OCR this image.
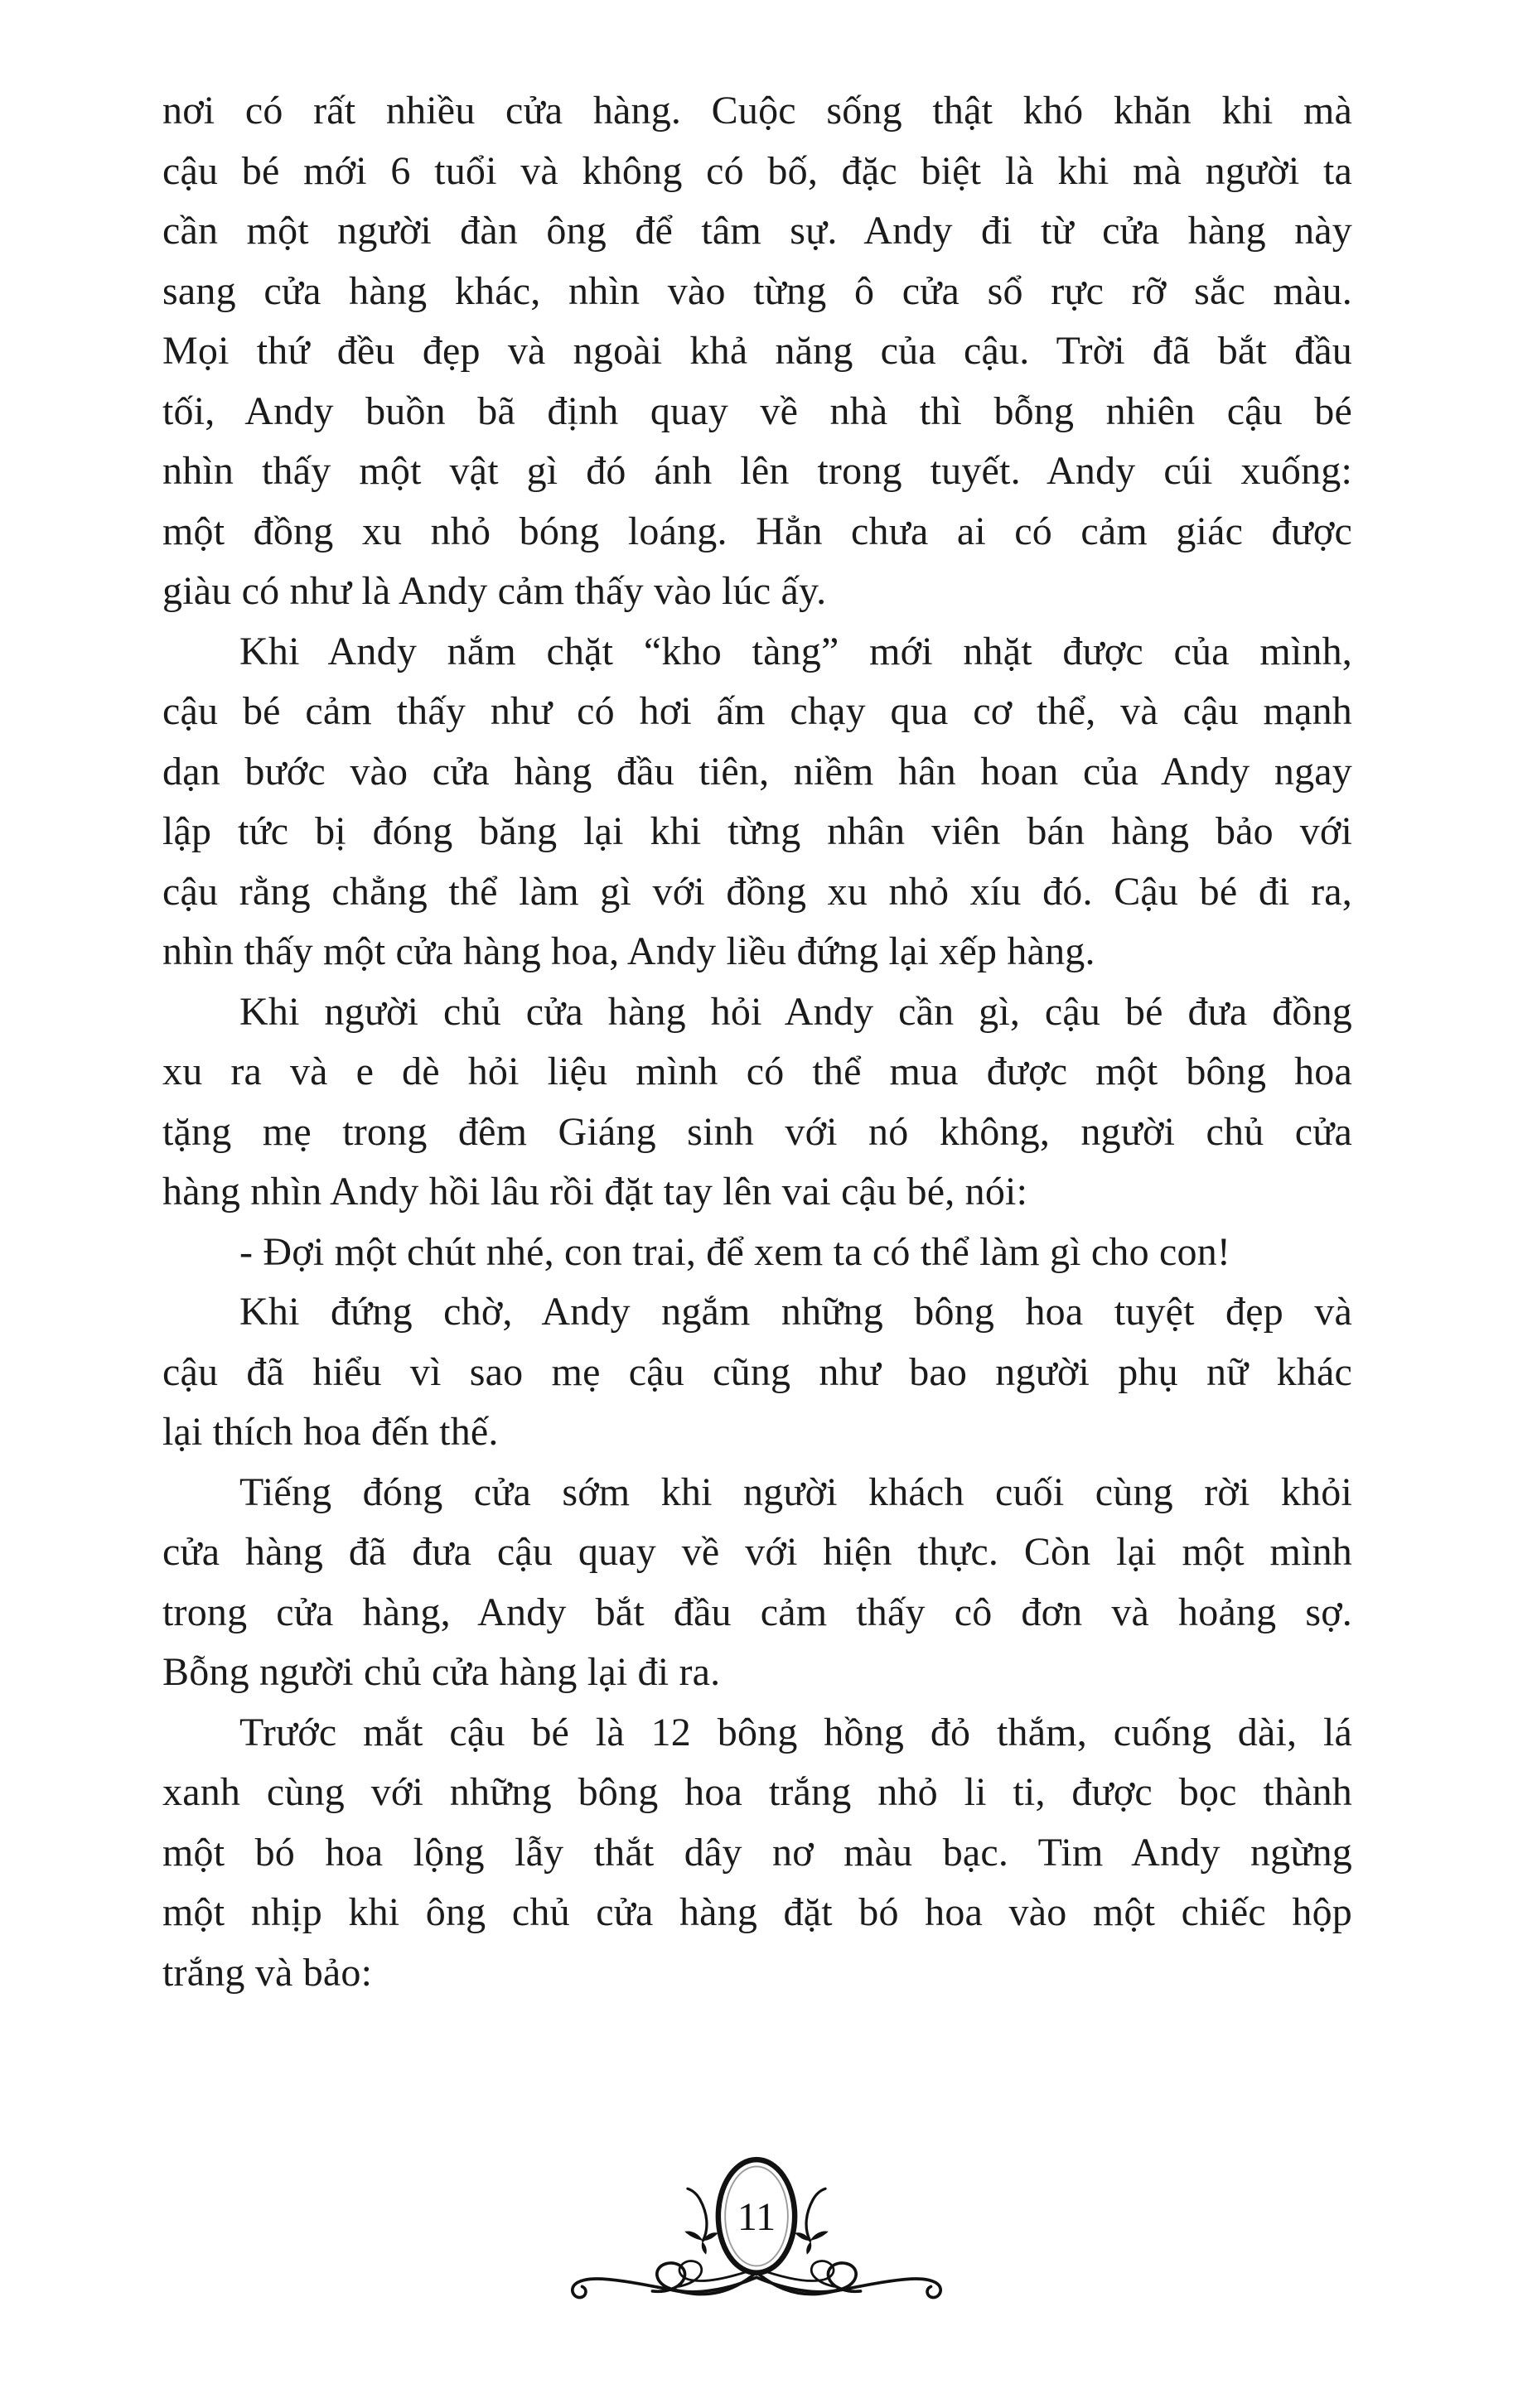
nơi có rất nhiều cửa hàng. Cuộc sống thật khó khăn khi mà
cậu bé mới 6 tuổi và không có bố, đặc biệt là khi mà người ta
cần một người đàn ông để tâm sự. Andy đi từ cửa hàng này
sang cửa hàng khác, nhìn vào từng ô cửa sổ rực rỡ sắc màu.
Mọi thứ đều đẹp và ngoài khả năng của cậu. Trời đã bắt đầu
tối, Andy buồn bã định quay về nhà thì bỗng nhiên cậu bé
nhìn thấy một vật gì đó ánh lên trong tuyết. Andy cúi xuống:
một đồng xu nhỏ bóng loáng. Hẳn chưa ai có cảm giác được
giàu có như là Andy cảm thấy vào lúc ấy.
Khi Andy nắm chặt “kho tàng” mới nhặt được của mình,
cậu bé cảm thấy như có hơi ấm chạy qua cơ thể, và cậu mạnh
dạn bước vào cửa hàng đầu tiên, niềm hân hoan của Andy ngay
lập tức bị đóng băng lại khi từng nhân viên bán hàng bảo với
cậu rằng chẳng thể làm gì với đồng xu nhỏ xíu đó. Cậu bé đi ra,
nhìn thấy một cửa hàng hoa, Andy liều đứng lại xếp hàng.
Khi người chủ cửa hàng hỏi Andy cần gì, cậu bé đưa đồng
xu ra và e dè hỏi liệu mình có thể mua được một bông hoa
tặng mẹ trong đêm Giáng sinh với nó không, người chủ cửa
hàng nhìn Andy hồi lâu rồi đặt tay lên vai cậu bé, nói:
- Đợi một chút nhé, con trai, để xem ta có thể làm gì cho con!
Khi đứng chờ, Andy ngắm những bông hoa tuyệt đẹp và
cậu đã hiểu vì sao mẹ cậu cũng như bao người phụ nữ khác
lại thích hoa đến thế.
Tiếng đóng cửa sớm khi người khách cuối cùng rời khỏi
cửa hàng đã đưa cậu quay về với hiện thực. Còn lại một mình
trong cửa hàng, Andy bắt đầu cảm thấy cô đơn và hoảng sợ.
Bỗng người chủ cửa hàng lại đi ra.
Trước mắt cậu bé là 12 bông hồng đỏ thắm, cuống dài, lá
xanh cùng với những bông hoa trắng nhỏ li ti, được bọc thành
một bó hoa lộng lẫy thắt dây nơ màu bạc. Tim Andy ngừng
một nhịp khi ông chủ cửa hàng đặt bó hoa vào một chiếc hộp
trắng và bảo:
11
